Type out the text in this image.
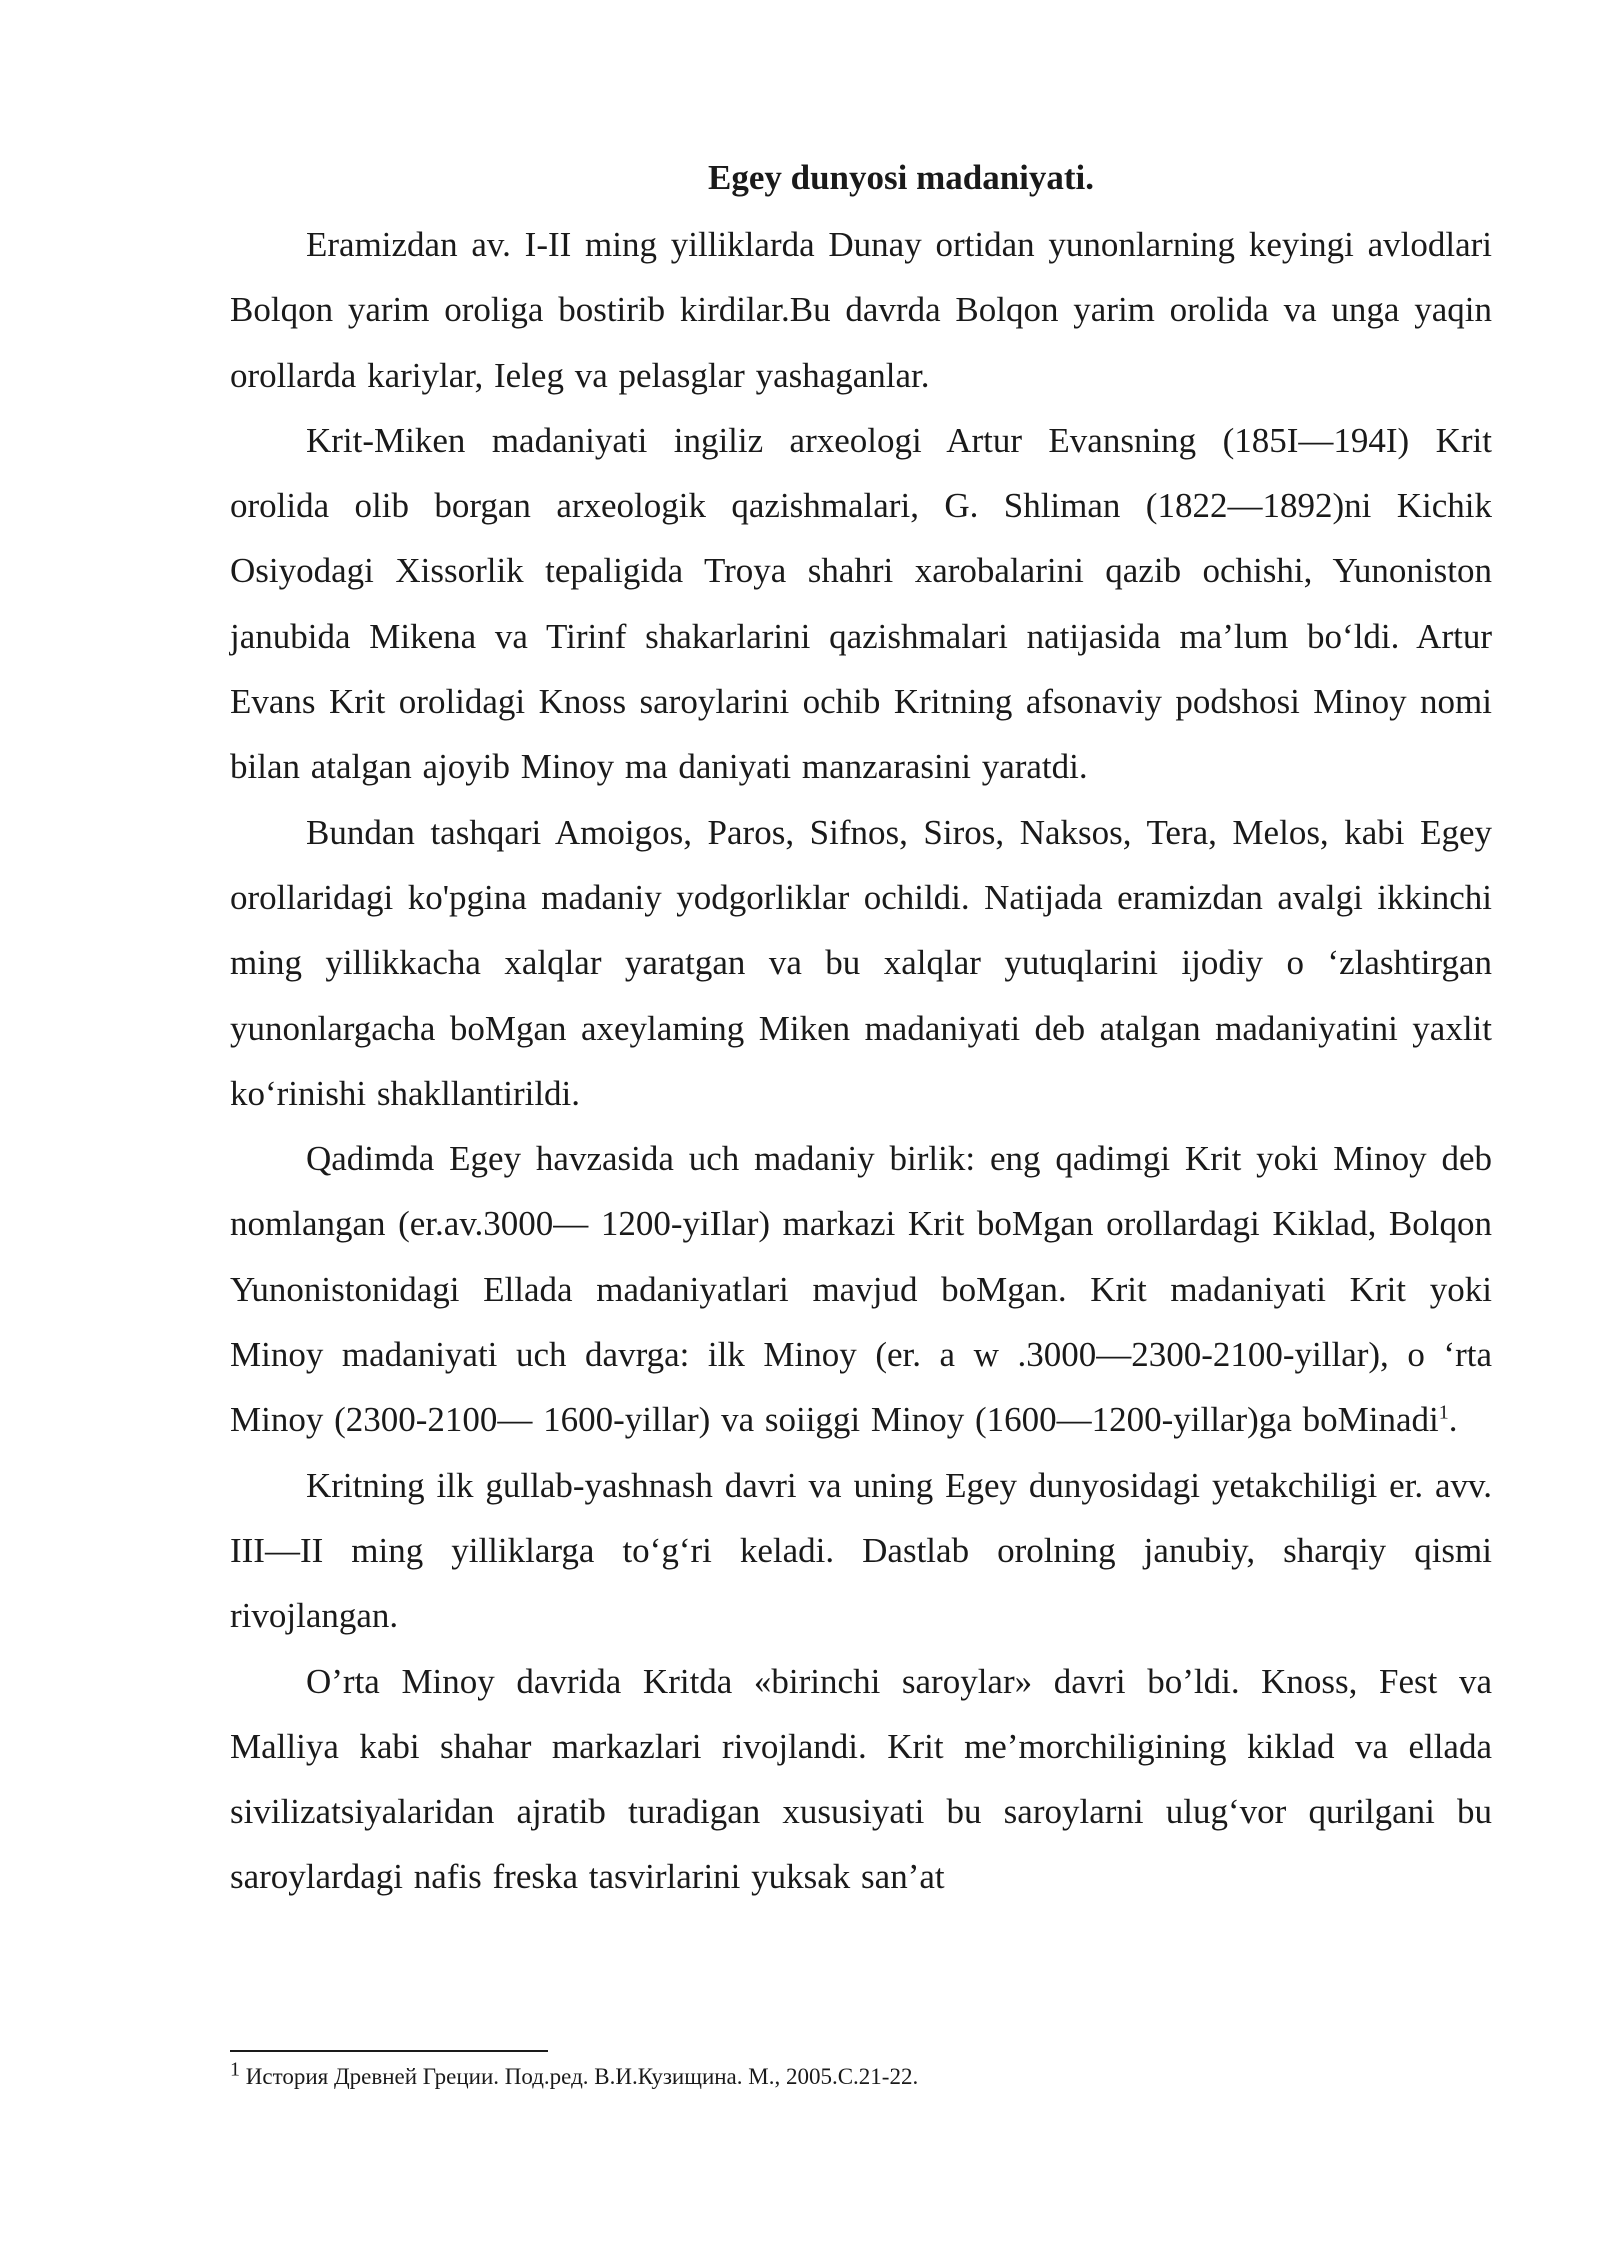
Egey dunyosi madaniyati.

Eramizdan av. I-II ming yilliklarda Dunay ortidan yunonlarning keyingi avlodlari Bolqon yarim oroliga bostirib kirdilar.Bu davrda Bolqon yarim orolida va unga yaqin orollarda kariylar, Ieleg va pelasglar yashaganlar.

Krit-Miken madaniyati ingiliz arxeologi Artur Evansning (185I—194I) Krit orolida olib borgan arxeologik qazishmalari, G. Shliman (1822—1892)ni Kichik Osiyodagi Xissorlik tepaligida Troya shahri xarobalarini qazib ochishi, Yunoniston janubida Mikena va Tirinf shakarlarini qazishmalari natijasida ma’lum bo‘ldi. Artur Evans Krit orolidagi Knoss saroylarini ochib Kritning afsonaviy podshosi Minoy nomi bilan atalgan ajoyib Minoy ma daniyati manzarasini yaratdi.

Bundan tashqari Amoigos, Paros, Sifnos, Siros, Naksos, Tera, Melos, kabi Egey orollaridagi ko'pgina madaniy yodgorliklar ochildi. Natijada eramizdan avalgi ikkinchi ming yillikkacha xalqlar yaratgan va bu xalqlar yutuqlarini ijodiy o ‘zlashtirgan yunonlargacha boMgan axeylaming Miken madaniyati deb atalgan madaniyatini yaxlit ko‘rinishi shakllantirildi.

Qadimda Egey havzasida uch madaniy birlik: eng qadimgi Krit yoki Minoy deb nomlangan (er.av.3000— 1200-yiIlar) markazi Krit boMgan orollardagi Kiklad, Bolqon Yunonistonidagi Ellada madaniyatlari mavjud boMgan. Krit madaniyati Krit yoki Minoy madaniyati uch davrga: ilk Minoy (er. a w .3000—2300-2100-yillar), o ‘rta Minoy (2300-2100— 1600-yillar) va soiiggi Minoy (1600—1200-yillar)ga boMinadi$^1$.

Kritning ilk gullab-yashnash davri va uning Egey dunyosidagi yetakchiligi er. avv. III—II ming yilliklarga to‘g‘ri keladi. Dastlab orolning janubiy, sharqiy qismi rivojlangan.

O’rta Minoy davrida Kritda «birinchi saroylar» davri bo’ldi. Knoss, Fest va Malliya kabi shahar markazlari rivojlandi. Krit me’morchiligining kiklad va ellada sivilizatsiyalaridan ajratib turadigan xususiyati bu saroylarni ulug‘vor qurilgani bu saroylardagi nafis freska tasvirlarini yuksak san’at

$^1$ История Древней Греции. Под.ред. В.И.Кузищина. М., 2005.С.21-22.
